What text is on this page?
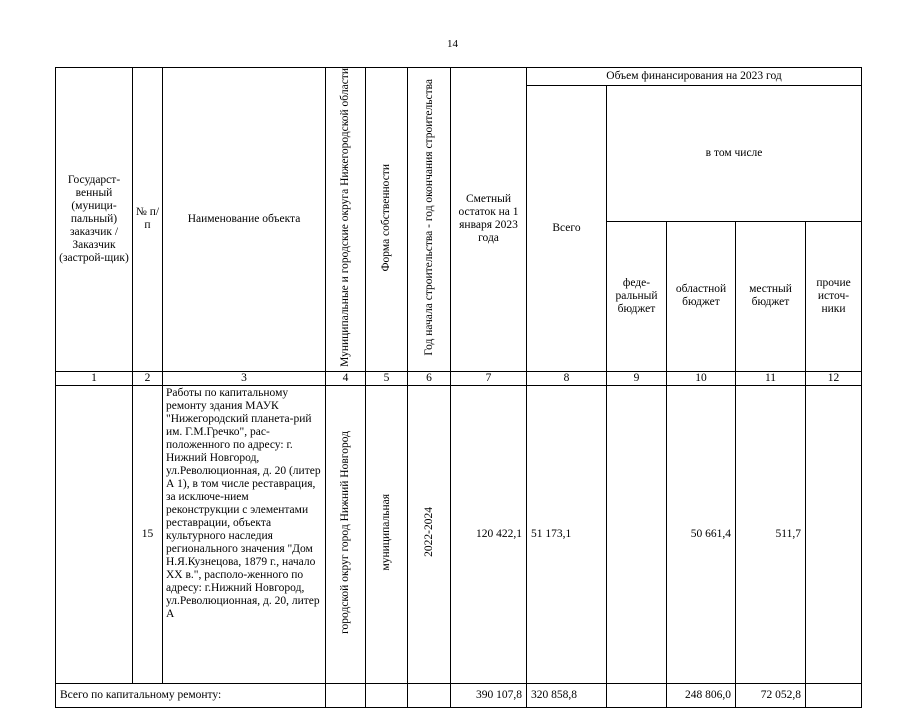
14
Государст-венный (муници-пальный) заказчик / Заказчик (застрой-щик)	№ п/п	Наименование объекта	Муниципальные и городские округа Нижегородской области	Форма собственности	Год начала строительства - год окончания строительства	Сметный остаток на 1 января 2023 года	Объем финансирования на 2023 год				
							Всего	в том числе			
								феде-ральный бюджет	областной бюджет	местный бюджет	прочие источ-ники
1	2	3	4	5	6	7	8	9	10	11	12
	15	Работы по капитальному ремонту здания МАУК "Нижегородский планета-рий им. Г.М.Гречко", рас-положенного по адресу: г. Нижний Новгород, ул.Революционная, д. 20 (литер А 1), в том числе реставрация, за исключе-нием реконструкции с элементами реставрации, объекта культурного наследия регионального значения "Дом Н.Я.Кузнецова, 1879 г., начало XX в.", располо-женного по адресу: г.Нижний Новгород, ул.Революционная, д. 20, литер А	городской округ город Нижний Новгород	муниципальная	2022-2024	120 422,1	51 173,1		50 661,4	511,7	
Всего по капитальному ремонту:						390 107,8	320 858,8		248 806,0	72 052,8	
